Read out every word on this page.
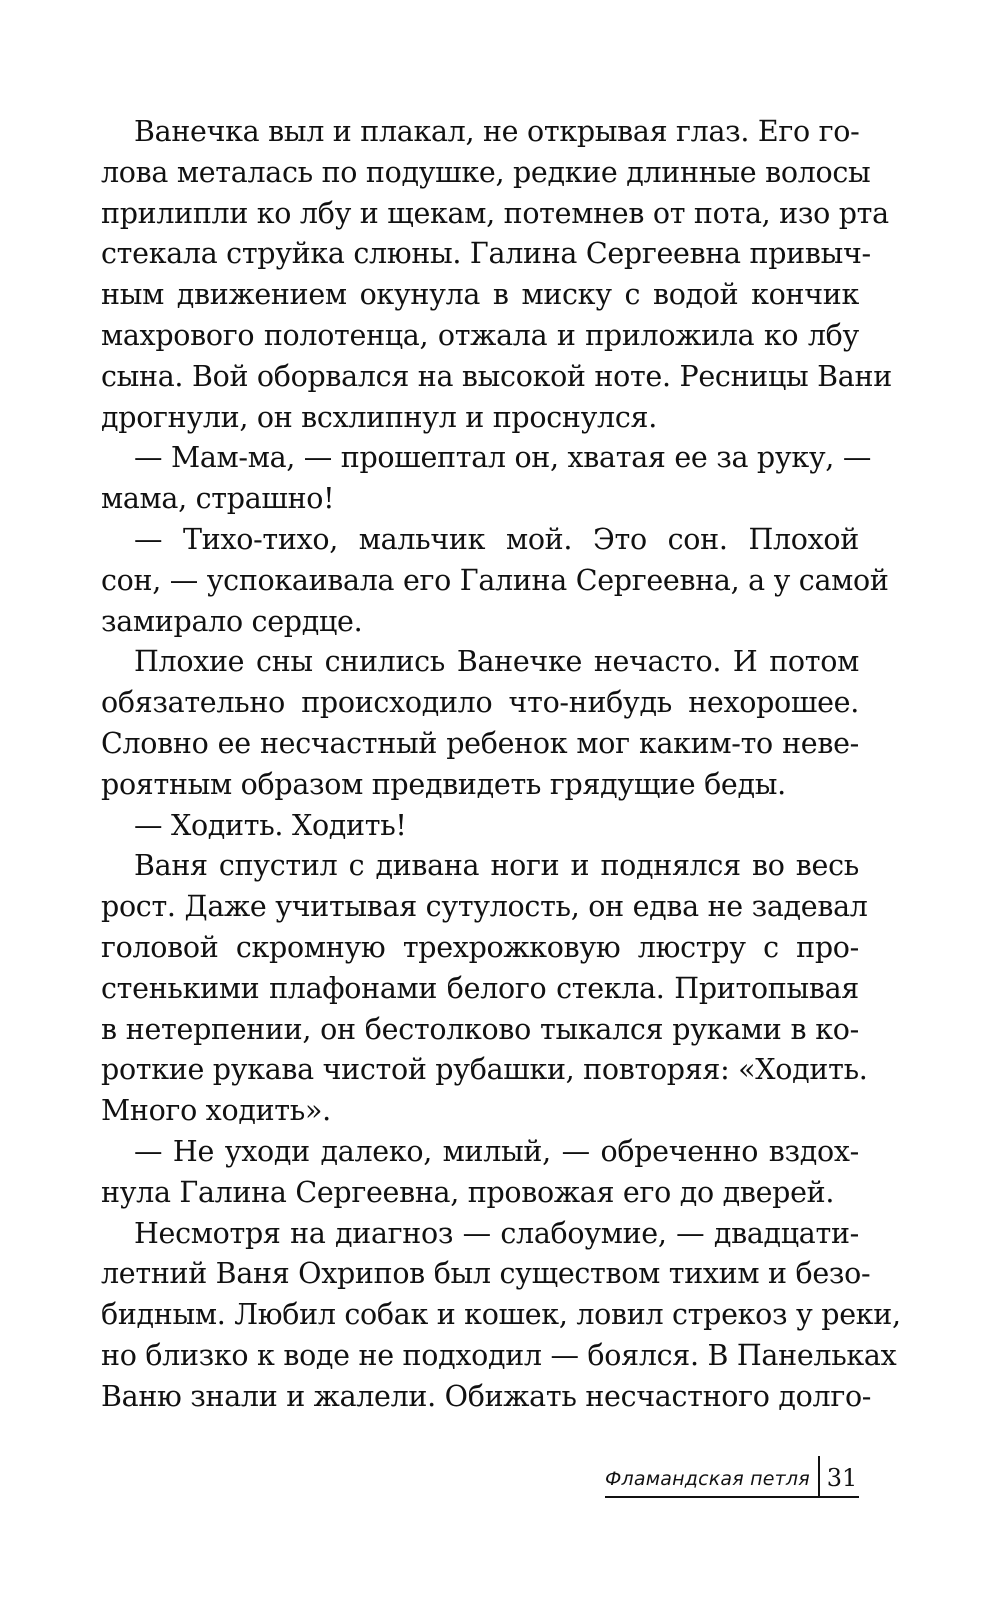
Ванечка выл и плакал, не открывая глаз. Его го-
лова металась по подушке, редкие длинные волосы
прилипли ко лбу и щекам, потемнев от пота, изо рта
стекала струйка слюны. Галина Сергеевна привыч-
ным движением окунула в миску с водой кончик
махрового полотенца, отжала и приложила ко лбу
сына. Вой оборвался на высокой ноте. Ресницы Вани
дрогнули, он всхлипнул и проснулся.
— Мам-ма, — прошептал он, хватая ее за руку, —
мама, страшно!
— Тихо-тихо, мальчик мой. Это сон. Плохой
сон, — успокаивала его Галина Сергеевна, а у самой
замирало сердце.
Плохие сны снились Ванечке нечасто. И потом
обязательно происходило что-нибудь нехорошее.
Словно ее несчастный ребенок мог каким-то неве-
роятным образом предвидеть грядущие беды.
— Ходить. Ходить!
Ваня спустил с дивана ноги и поднялся во весь
рост. Даже учитывая сутулость, он едва не задевал
головой скромную трехрожковую люстру с про-
стенькими плафонами белого стекла. Притопывая
в нетерпении, он бестолково тыкался руками в ко-
роткие рукава чистой рубашки, повторяя: «Ходить.
Много ходить».
— Не уходи далеко, милый, — обреченно вздох-
нула Галина Сергеевна, провожая его до дверей.
Несмотря на диагноз — слабоумие, — двадцати-
летний Ваня Охрипов был существом тихим и безо-
бидным. Любил собак и кошек, ловил стрекоз у реки,
но близко к воде не подходил — боялся. В Панельках
Ваню знали и жалели. Обижать несчастного долго-
Фламандская петля 31
